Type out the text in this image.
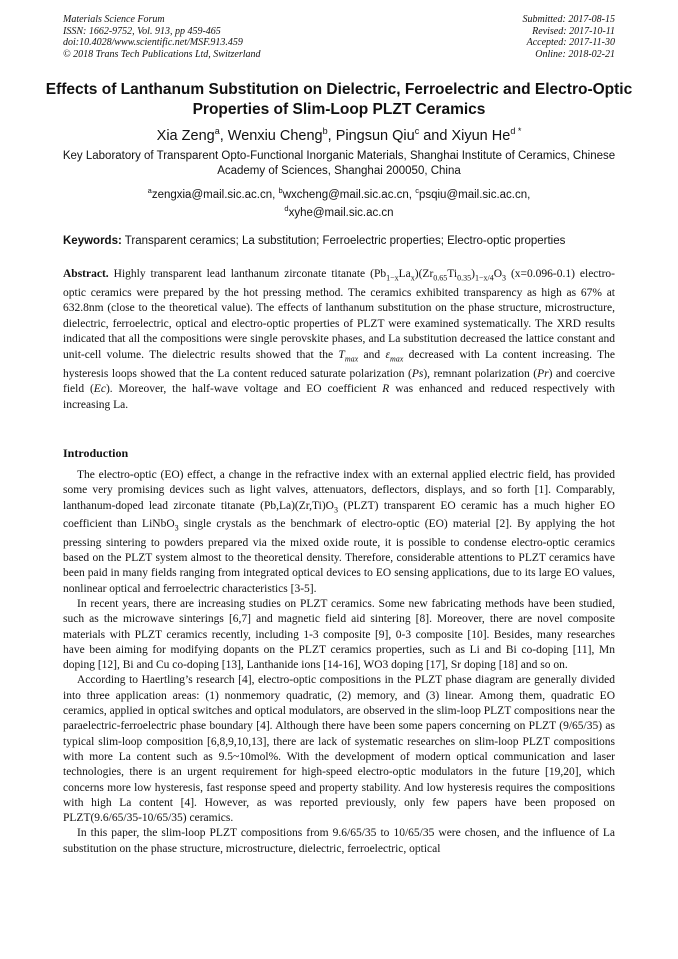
Materials Science Forum
ISSN: 1662-9752, Vol. 913, pp 459-465
doi:10.4028/www.scientific.net/MSF.913.459
© 2018 Trans Tech Publications Ltd, Switzerland
Submitted: 2017-08-15
Revised: 2017-10-11
Accepted: 2017-11-30
Online: 2018-02-21
Effects of Lanthanum Substitution on Dielectric, Ferroelectric and Electro-Optic Properties of Slim-Loop PLZT Ceramics
Xia Zeng$^a$, Wenxiu Cheng$^b$, Pingsun Qiu$^c$ and Xiyun $He^{d *}$
Key Laboratory of Transparent Opto-Functional Inorganic Materials, Shanghai Institute of Ceramics, Chinese Academy of Sciences, Shanghai 200050, China
$^a$zengxia@mail.sic.ac.cn, $^b$wxcheng@mail.sic.ac.cn, $^c$psqiu@mail.sic.ac.cn,
$^d$xyhe@mail.sic.ac.cn
Keywords: Transparent ceramics; La substitution; Ferroelectric properties; Electro-optic properties
Abstract. Highly transparent lead lanthanum zirconate titanate $(Pb_{1-x}La_x)(Zr_{0.65}Ti_{0.35})_{1-x/4}O_3$ (x=0.096-0.1) electro-optic ceramics were prepared by the hot pressing method. The ceramics exhibited transparency as high as 67% at 632.8nm (close to the theoretical value). The effects of lanthanum substitution on the phase structure, microstructure, dielectric, ferroelectric, optical and electro-optic properties of PLZT were examined systematically. The XRD results indicated that all the compositions were single perovskite phases, and La substitution decreased the lattice constant and unit-cell volume. The dielectric results showed that the $T_{max}$ and $\varepsilon_{max}$ decreased with La content increasing. The hysteresis loops showed that the La content reduced saturate polarization (Ps), remnant polarization (Pr) and coercive field (Ec). Moreover, the half-wave voltage and EO coefficient R was enhanced and reduced respectively with increasing La.
Introduction

The electro-optic (EO) effect, a change in the refractive index with an external applied electric field, has provided some very promising devices such as light valves, attenuators, deflectors, displays, and so forth [1]. Comparably, lanthanum-doped lead zirconate titanate $(Pb,La)(Zr,Ti)O_3$ (PLZT) transparent EO ceramic has a much higher EO coefficient than LiNbO$_3$ single crystals as the benchmark of electro-optic (EO) material [2]. By applying the hot pressing sintering to powders prepared via the mixed oxide route, it is possible to condense electro-optic ceramics based on the PLZT system almost to the theoretical density. Therefore, considerable attentions to PLZT ceramics have been paid in many fields ranging from integrated optical devices to EO sensing applications, due to its large EO values, nonlinear optical and ferroelectric characteristics [3-5].

In recent years, there are increasing studies on PLZT ceramics. Some new fabricating methods have been studied, such as the microwave sinterings [6,7] and magnetic field aid sintering [8]. Moreover, there are novel composite materials with PLZT ceramics recently, including 1-3 composite [9], 0-3 composite [10]. Besides, many researches have been aiming for modifying dopants on the PLZT ceramics properties, such as Li and Bi co-doping [11], Mn doping [12], Bi and Cu co-doping [13], Lanthanide ions [14-16], WO3 doping [17], Sr doping [18] and so on.

According to Haertling’s research [4], electro-optic compositions in the PLZT phase diagram are generally divided into three application areas: (1) nonmemory quadratic, (2) memory, and (3) linear. Among them, quadratic EO ceramics, applied in optical switches and optical modulators, are observed in the slim-loop PLZT compositions near the paraelectric-ferroelectric phase boundary [4]. Although there have been some papers concerning on PLZT (9/65/35) as typical slim-loop composition [6,8,9,10,13], there are lack of systematic researches on slim-loop PLZT compositions with more La content such as 9.5~10mol%. With the development of modern optical communication and laser technologies, there is an urgent requirement for high-speed electro-optic modulators in the future [19,20], which concerns more low hysteresis, fast response speed and property stability. And low hysteresis requires the compositions with high La content [4]. However, as was reported previously, only few papers have been proposed on PLZT(9.6/65/35-10/65/35) ceramics.

In this paper, the slim-loop PLZT compositions from 9.6/65/35 to 10/65/35 were chosen, and the influence of La substitution on the phase structure, microstructure, dielectric, ferroelectric, optical
